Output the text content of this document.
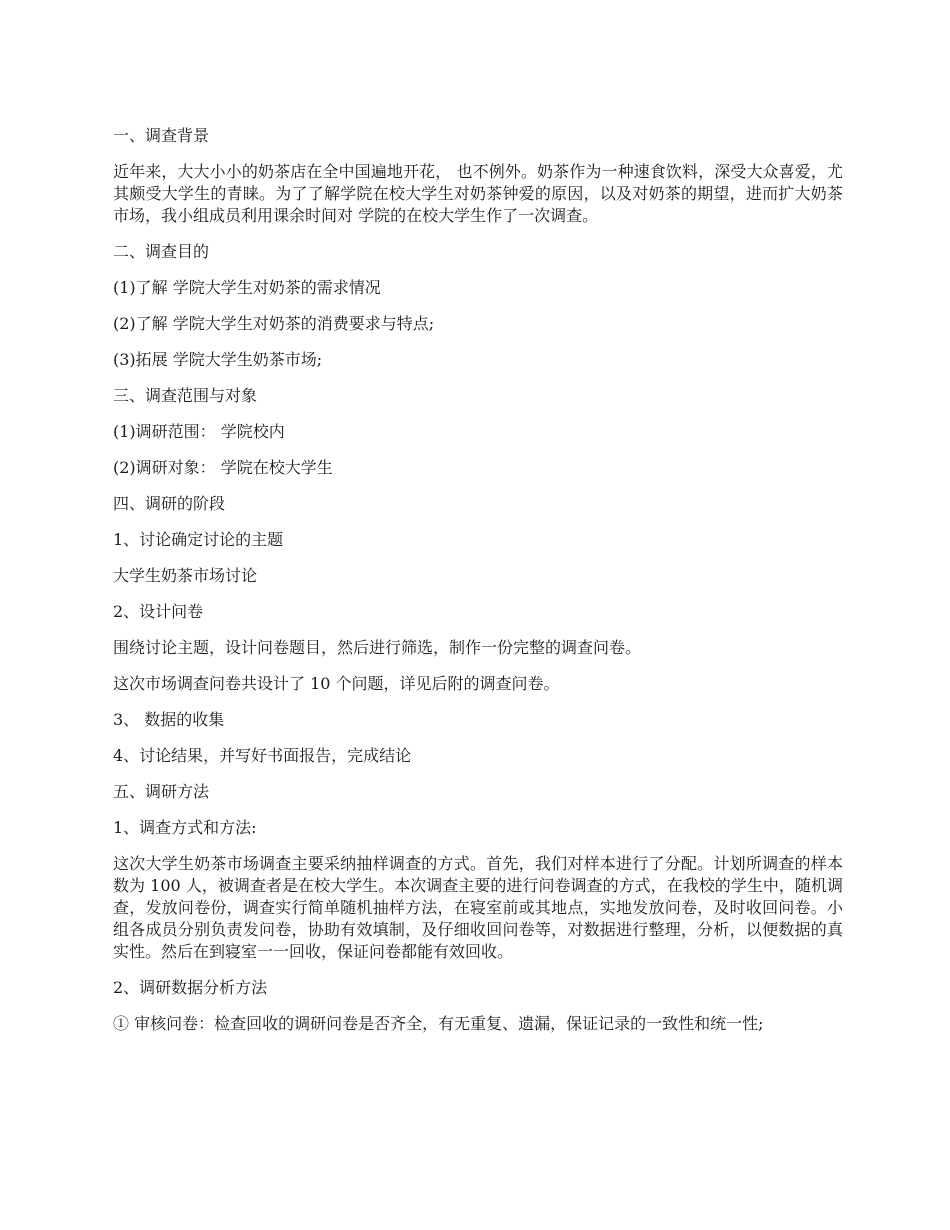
一、调查背景

近年来，大大小小的奶茶店在全中国遍地开花， 也不例外。奶茶作为一种速食饮料，深受大众喜爱，尤其颇受大学生的青睐。为了了解学院在校大学生对奶茶钟爱的原因，以及对奶茶的期望，进而扩大奶茶市场，我小组成员利用课余时间对 学院的在校大学生作了一次调查。

二、调查目的

(1)了解 学院大学生对奶茶的需求情况

(2)了解 学院大学生对奶茶的消费要求与特点;

(3)拓展 学院大学生奶茶市场;

三、调查范围与对象

(1)调研范围： 学院校内

(2)调研对象： 学院在校大学生

四、调研的阶段

1、讨论确定讨论的主题

大学生奶茶市场讨论

2、设计问卷

围绕讨论主题，设计问卷题目，然后进行筛选，制作一份完整的调查问卷。

这次市场调查问卷共设计了 10 个问题，详见后附的调查问卷。

3、 数据的收集

4、讨论结果，并写好书面报告，完成结论

五、调研方法

1、调查方式和方法:

这次大学生奶茶市场调查主要采纳抽样调查的方式。首先，我们对样本进行了分配。计划所调查的样本数为 100 人，被调查者是在校大学生。本次调查主要的进行问卷调查的方式，在我校的学生中，随机调查，发放问卷份，调查实行简单随机抽样方法，在寝室前或其地点，实地发放问卷，及时收回问卷。小组各成员分别负责发问卷，协助有效填制，及仔细收回问卷等，对数据进行整理，分析，以便数据的真实性。然后在到寝室一一回收，保证问卷都能有效回收。

2、调研数据分析方法

① 审核问卷：检查回收的调研问卷是否齐全，有无重复、遗漏，保证记录的一致性和统一性;
